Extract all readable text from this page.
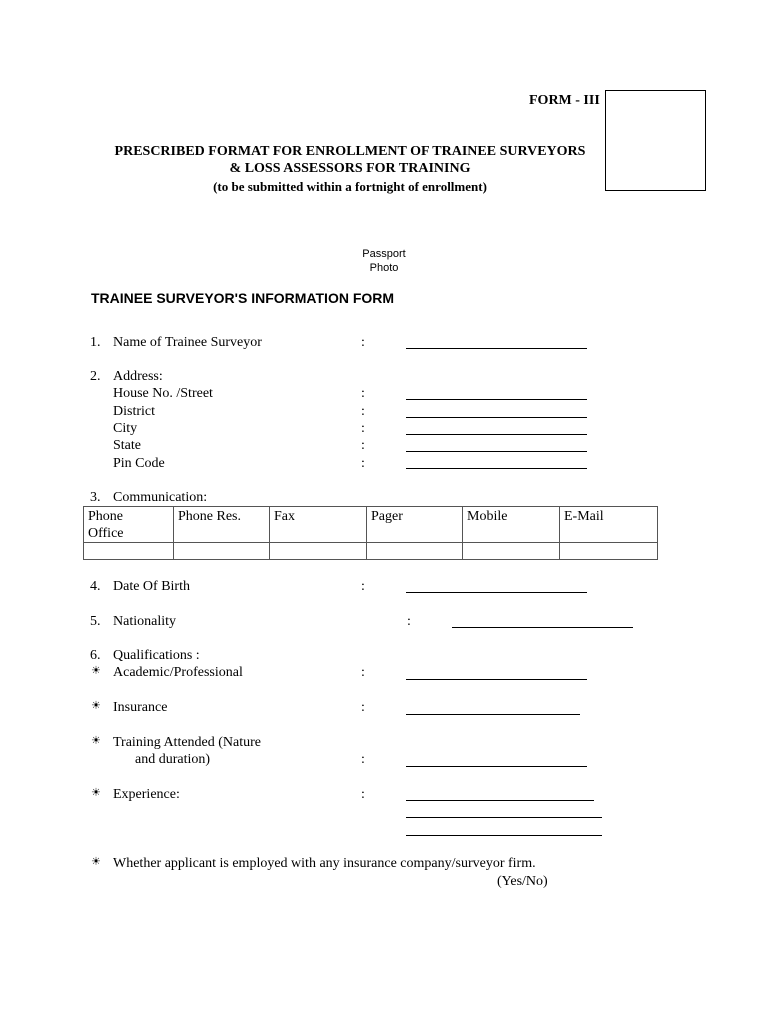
FORM - III
PRESCRIBED FORMAT FOR ENROLLMENT OF TRAINEE SURVEYORS
& LOSS ASSESSORS FOR TRAINING
(to be submitted within a fortnight of enrollment)
Passport
Photo
TRAINEE SURVEYOR'S INFORMATION FORM
1. Name of Trainee Surveyor	:
2. Address:
House No. /Street	:
District	:
City	:
State	:
Pin Code	:
3. Communication:
Phone Office	Phone Res.	Fax	Pager	Mobile	E-Mail

4. Date Of Birth	:
5. Nationality	:
6. Qualifications :
☀ Academic/Professional	:
☀ Insurance	:
☀ Training Attended (Nature
and duration)	:
☀ Experience:	:
☀ Whether applicant is employed with any insurance company/surveyor firm.
(Yes/No)
